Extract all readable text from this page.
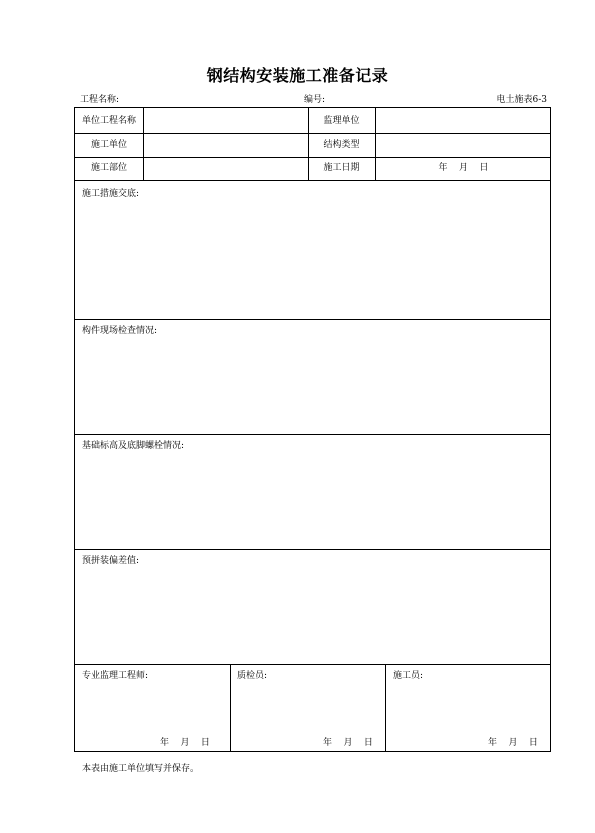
钢结构安装施工准备记录
工程名称:	编号:	电土施表6-3
单位工程名称	监理单位
施工单位	结构类型
施工部位	施工日期	年    月    日
施工措施交底:
构件现场检查情况:
基础标高及底脚螺栓情况:
预拼装偏差值:
专业监理工程师:
年    月    日
质检员:
年    月    日
施工员:
年    月    日
本表由施工单位填写并保存。
